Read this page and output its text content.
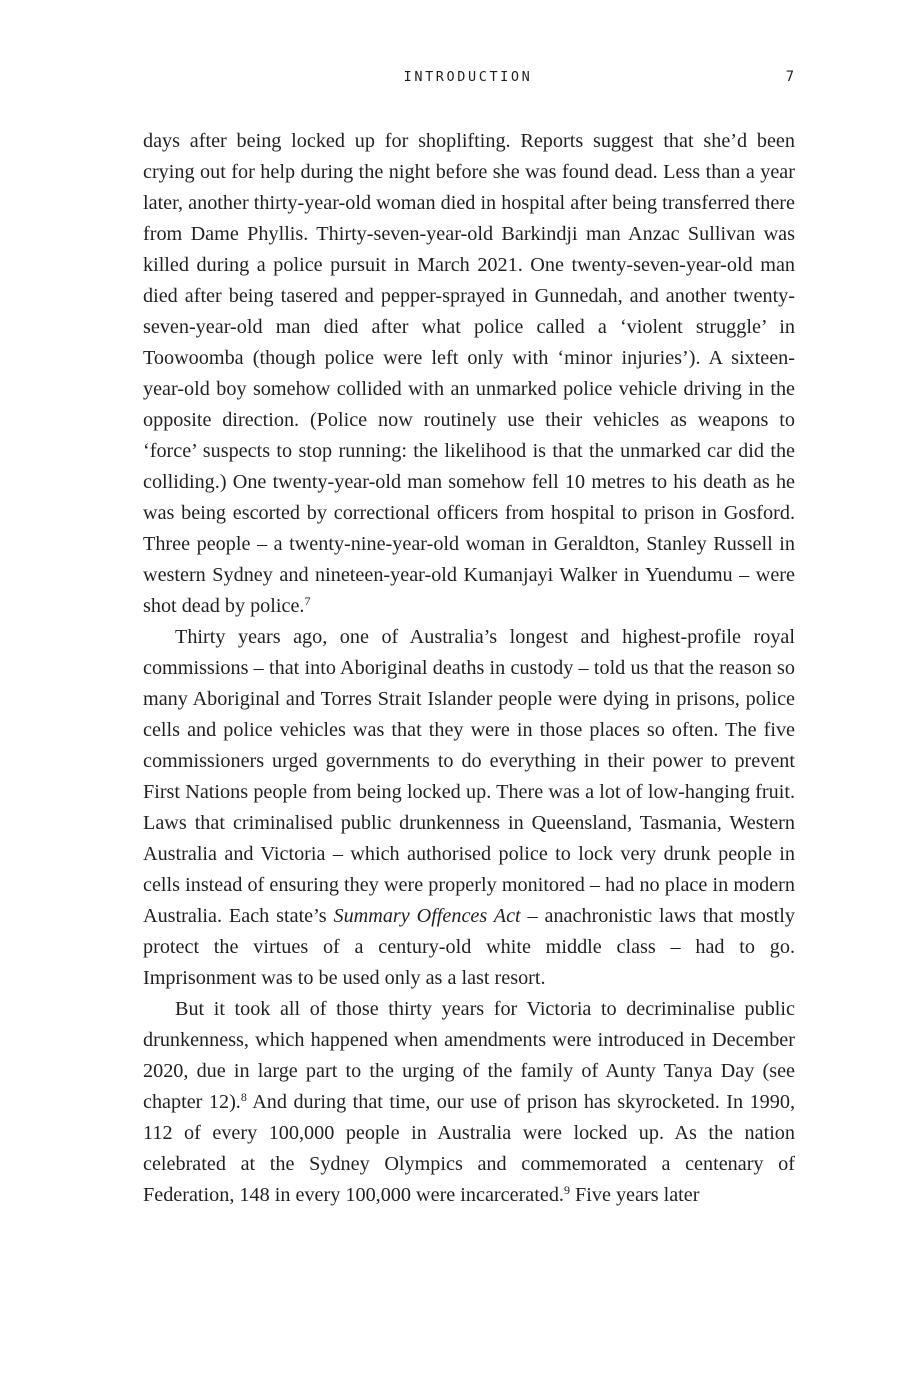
INTRODUCTION	7

days after being locked up for shoplifting. Reports suggest that she’d been crying out for help during the night before she was found dead. Less than a year later, another thirty-year-old woman died in hospital after being transferred there from Dame Phyllis. Thirty-seven-year-old Barkindji man Anzac Sullivan was killed during a police pursuit in March 2021. One twenty-seven-year-old man died after being tasered and pepper-sprayed in Gunnedah, and another twenty-seven-year-old man died after what police called a ‘violent struggle’ in Toowoomba (though police were left only with ‘minor injuries’). A sixteen-year-old boy somehow collided with an unmarked police vehicle driving in the opposite direction. (Police now routinely use their vehicles as weapons to ‘force’ suspects to stop running: the likelihood is that the unmarked car did the colliding.) One twenty-year-old man somehow fell 10 metres to his death as he was being escorted by correctional officers from hospital to prison in Gosford. Three people – a twenty-nine-year-old woman in Geraldton, Stanley Russell in western Sydney and nineteen-year-old Kumanjayi Walker in Yuendumu – were shot dead by police.$^7$

Thirty years ago, one of Australia’s longest and highest-profile royal commissions – that into Aboriginal deaths in custody – told us that the reason so many Aboriginal and Torres Strait Islander people were dying in prisons, police cells and police vehicles was that they were in those places so often. The five commissioners urged governments to do everything in their power to prevent First Nations people from being locked up. There was a lot of low-hanging fruit. Laws that criminalised public drunkenness in Queensland, Tasmania, Western Australia and Victoria – which authorised police to lock very drunk people in cells instead of ensuring they were properly monitored – had no place in modern Australia. Each state’s Summary Offences Act – anachronistic laws that mostly protect the virtues of a century-old white middle class – had to go. Imprisonment was to be used only as a last resort.

But it took all of those thirty years for Victoria to decriminalise public drunkenness, which happened when amendments were introduced in December 2020, due in large part to the urging of the family of Aunty Tanya Day (see chapter 12).$^8$ And during that time, our use of prison has skyrocketed. In 1990, 112 of every 100,000 people in Australia were locked up. As the nation celebrated at the Sydney Olympics and commemorated a centenary of Federation, 148 in every 100,000 were incarcerated.$^9$ Five years later
